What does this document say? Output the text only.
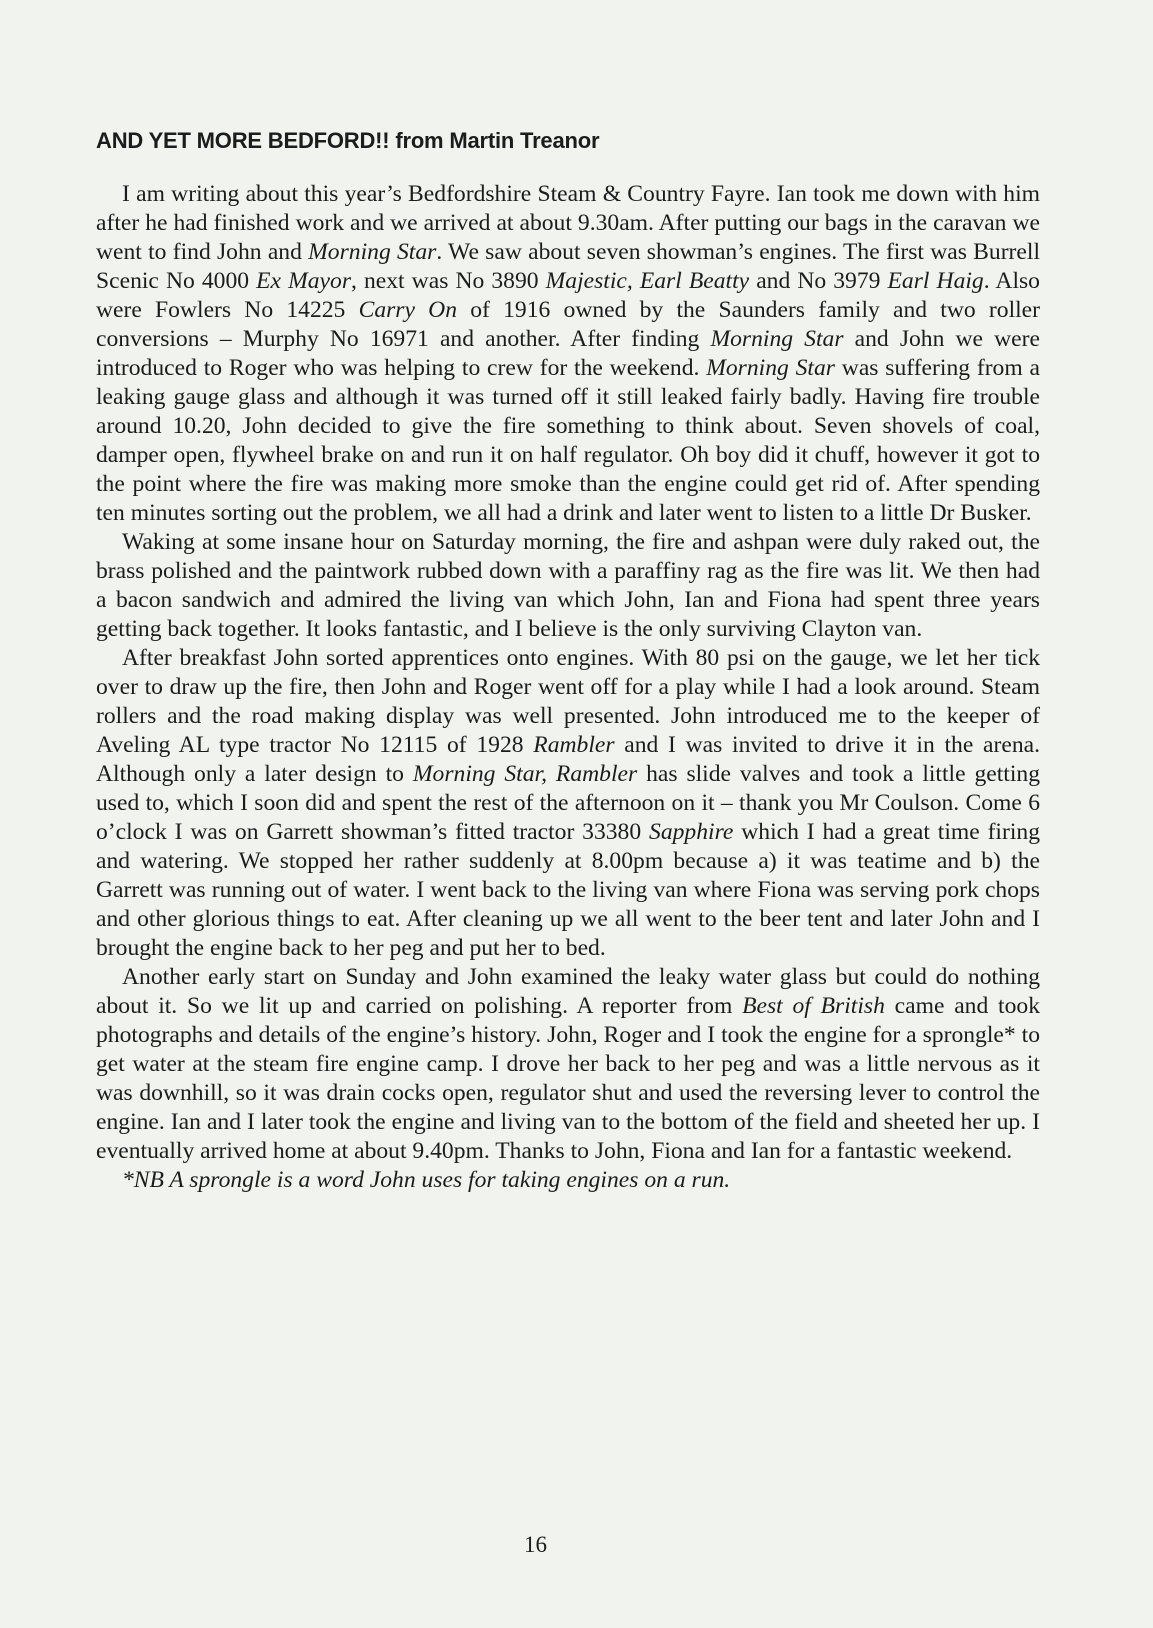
AND YET MORE BEDFORD!! from Martin Treanor

I am writing about this year’s Bedfordshire Steam & Country Fayre. Ian took me down with him after he had finished work and we arrived at about 9.30am. After putting our bags in the caravan we went to find John and Morning Star. We saw about seven showman’s engines. The first was Burrell Scenic No 4000 Ex Mayor, next was No 3890 Majestic, Earl Beatty and No 3979 Earl Haig. Also were Fowlers No 14225 Carry On of 1916 owned by the Saunders family and two roller conversions – Murphy No 16971 and another. After finding Morning Star and John we were introduced to Roger who was helping to crew for the weekend. Morning Star was suffering from a leaking gauge glass and although it was turned off it still leaked fairly badly. Having fire trouble around 10.20, John decided to give the fire something to think about. Seven shovels of coal, damper open, flywheel brake on and run it on half regulator. Oh boy did it chuff, however it got to the point where the fire was making more smoke than the engine could get rid of. After spending ten minutes sorting out the problem, we all had a drink and later went to listen to a little Dr Busker.

Waking at some insane hour on Saturday morning, the fire and ashpan were duly raked out, the brass polished and the paintwork rubbed down with a paraffiny rag as the fire was lit. We then had a bacon sandwich and admired the living van which John, Ian and Fiona had spent three years getting back together. It looks fantastic, and I believe is the only surviving Clayton van.

After breakfast John sorted apprentices onto engines. With 80 psi on the gauge, we let her tick over to draw up the fire, then John and Roger went off for a play while I had a look around. Steam rollers and the road making display was well presented. John introduced me to the keeper of Aveling AL type tractor No 12115 of 1928 Rambler and I was invited to drive it in the arena. Although only a later design to Morning Star, Rambler has slide valves and took a little getting used to, which I soon did and spent the rest of the afternoon on it – thank you Mr Coulson. Come 6 o’clock I was on Garrett showman’s fitted tractor 33380 Sapphire which I had a great time firing and watering. We stopped her rather suddenly at 8.00pm because a) it was teatime and b) the Garrett was running out of water. I went back to the living van where Fiona was serving pork chops and other glorious things to eat. After cleaning up we all went to the beer tent and later John and I brought the engine back to her peg and put her to bed.

Another early start on Sunday and John examined the leaky water glass but could do nothing about it. So we lit up and carried on polishing. A reporter from Best of British came and took photographs and details of the engine’s history. John, Roger and I took the engine for a sprongle* to get water at the steam fire engine camp. I drove her back to her peg and was a little nervous as it was downhill, so it was drain cocks open, regulator shut and used the reversing lever to control the engine. Ian and I later took the engine and living van to the bottom of the field and sheeted her up. I eventually arrived home at about 9.40pm. Thanks to John, Fiona and Ian for a fantastic weekend.

*NB A sprongle is a word John uses for taking engines on a run.

16
